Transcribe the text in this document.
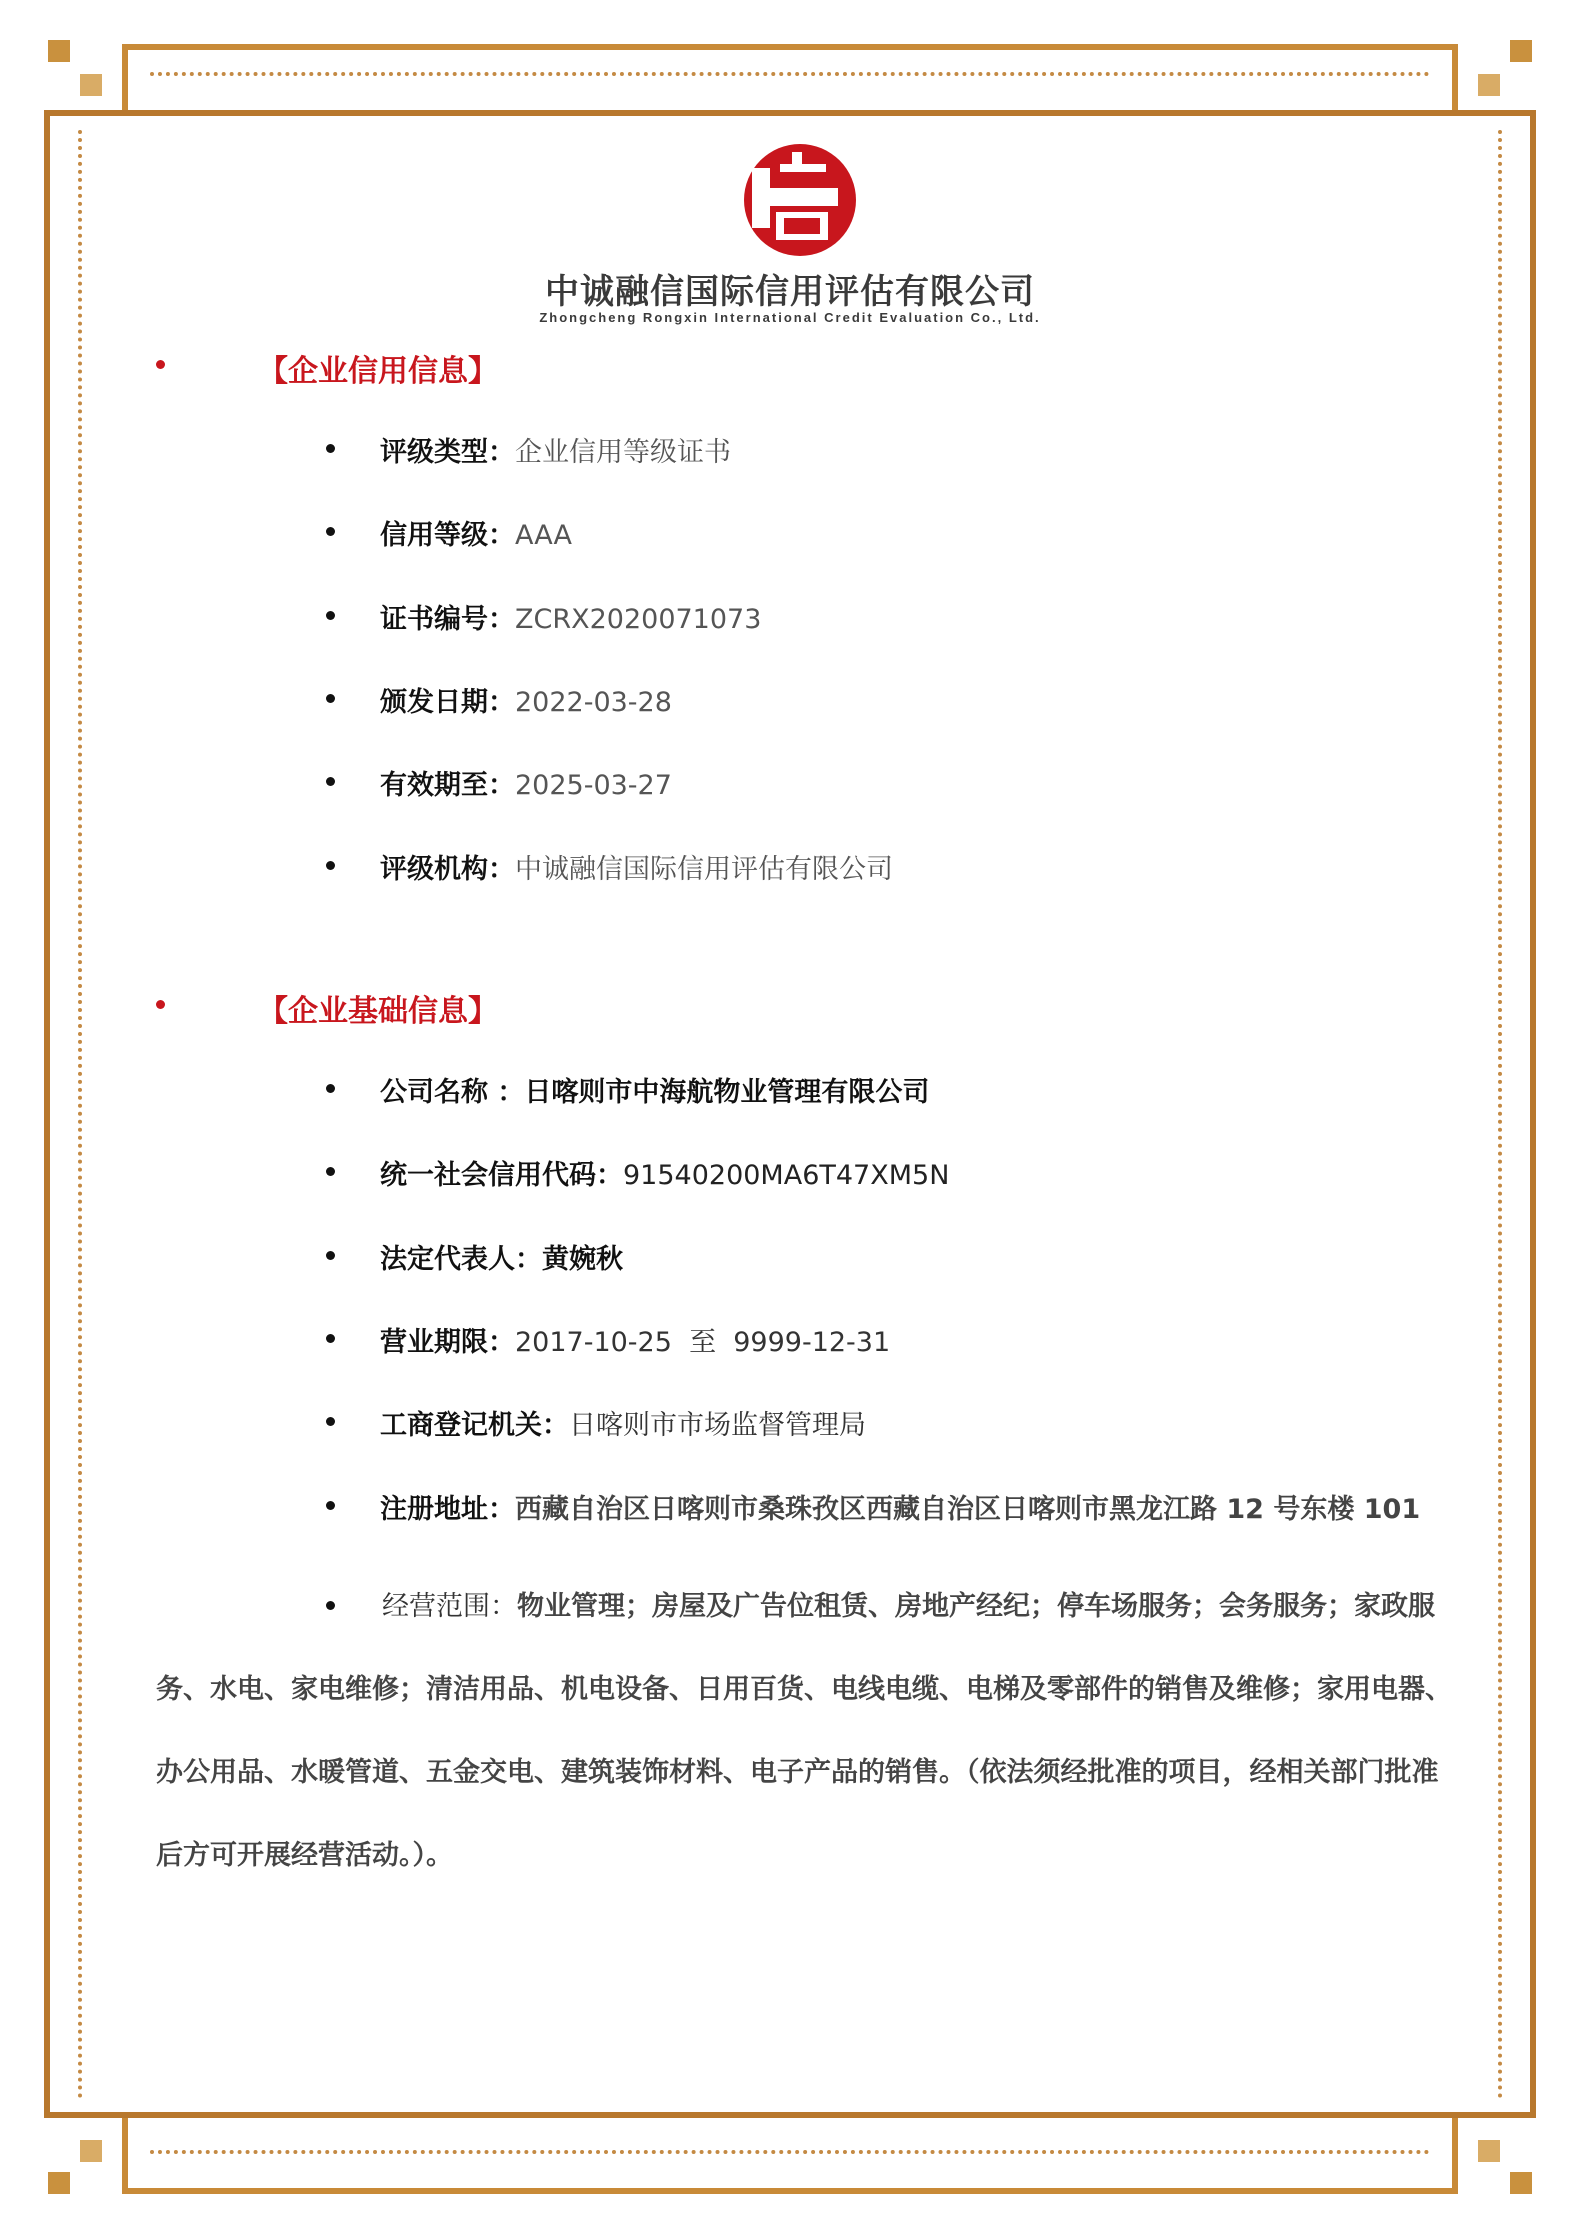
中诚融信国际信用评估有限公司
Zhongcheng Rongxin International Credit Evaluation Co., Ltd.
【企业信用信息】
评级类型：企业信用等级证书
信用等级：AAA
证书编号：ZCRX2020071073
颁发日期：2022-03-28
有效期至：2025-03-27
评级机构：中诚融信国际信用评估有限公司
【企业基础信息】
公司名称 ：日喀则市中海航物业管理有限公司
统一社会信用代码：91540200MA6T47XM5N
法定代表人：黄婉秋
营业期限：2017-10-25  至  9999-12-31
工商登记机关：日喀则市市场监督管理局
注册地址：西藏自治区日喀则市桑珠孜区西藏自治区日喀则市黑龙江路 12 号东楼 101
经营范围：物业管理；房屋及广告位租赁、房地产经纪；停车场服务；会务服务；家政服务、水电、家电维修；清洁用品、机电设备、日用百货、电线电缆、电梯及零部件的销售及维修；家用电器、办公用品、水暖管道、五金交电、建筑装饰材料、电子产品的销售。（依法须经批准的项目，经相关部门批准后方可开展经营活动。）。
